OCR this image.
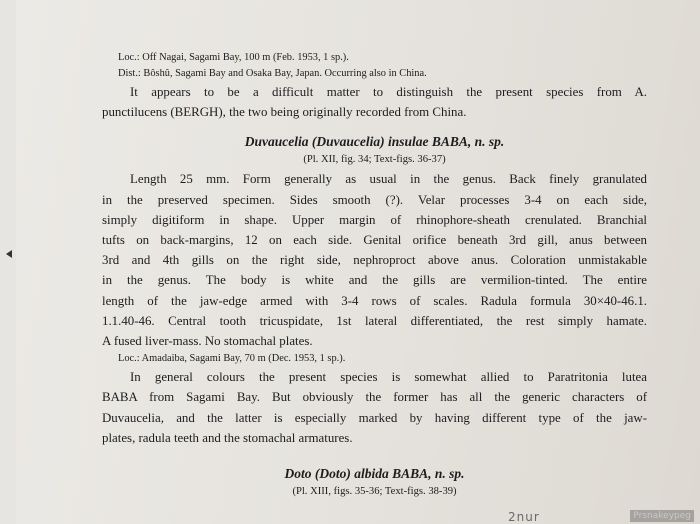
Loc.: Off Nagai, Sagami Bay, 100 m (Feb. 1953, 1 sp.).
Dist.: Bôshû, Sagami Bay and Osaka Bay, Japan. Occurring also in China.
It appears to be a difficult matter to distinguish the present species from A.
punctilucens (BERGH), the two being originally recorded from China.
Duvaucelia (Duvaucelia) insulae BABA, n. sp.
(Pl. XII, fig. 34; Text-figs. 36-37)
Length 25 mm. Form generally as usual in the genus. Back finely granulated
in the preserved specimen. Sides smooth (?). Velar processes 3-4 on each side,
simply digitiform in shape. Upper margin of rhinophore-sheath crenulated. Branchial
tufts on back-margins, 12 on each side. Genital orifice beneath 3rd gill, anus between
3rd and 4th gills on the right side, nephroproct above anus. Coloration unmistakable
in the genus. The body is white and the gills are vermilion-tinted. The entire
length of the jaw-edge armed with 3-4 rows of scales. Radula formula 30×40-46.1.
1.1.40-46. Central tooth tricuspidate, 1st lateral differentiated, the rest simply hamate.
A fused liver-mass. No stomachal plates.
Loc.: Amadaiba, Sagami Bay, 70 m (Dec. 1953, 1 sp.).
In general colours the present species is somewhat allied to Paratritonia lutea
BABA from Sagami Bay. But obviously the former has all the generic characters of
Duvaucelia, and the latter is especially marked by having different type of the jaw-
plates, radula teeth and the stomachal armatures.
Doto (Doto) albida BABA, n. sp.
(Pl. XIII, figs. 35-36; Text-figs. 38-39)
2nur	Prsnakeypeg
